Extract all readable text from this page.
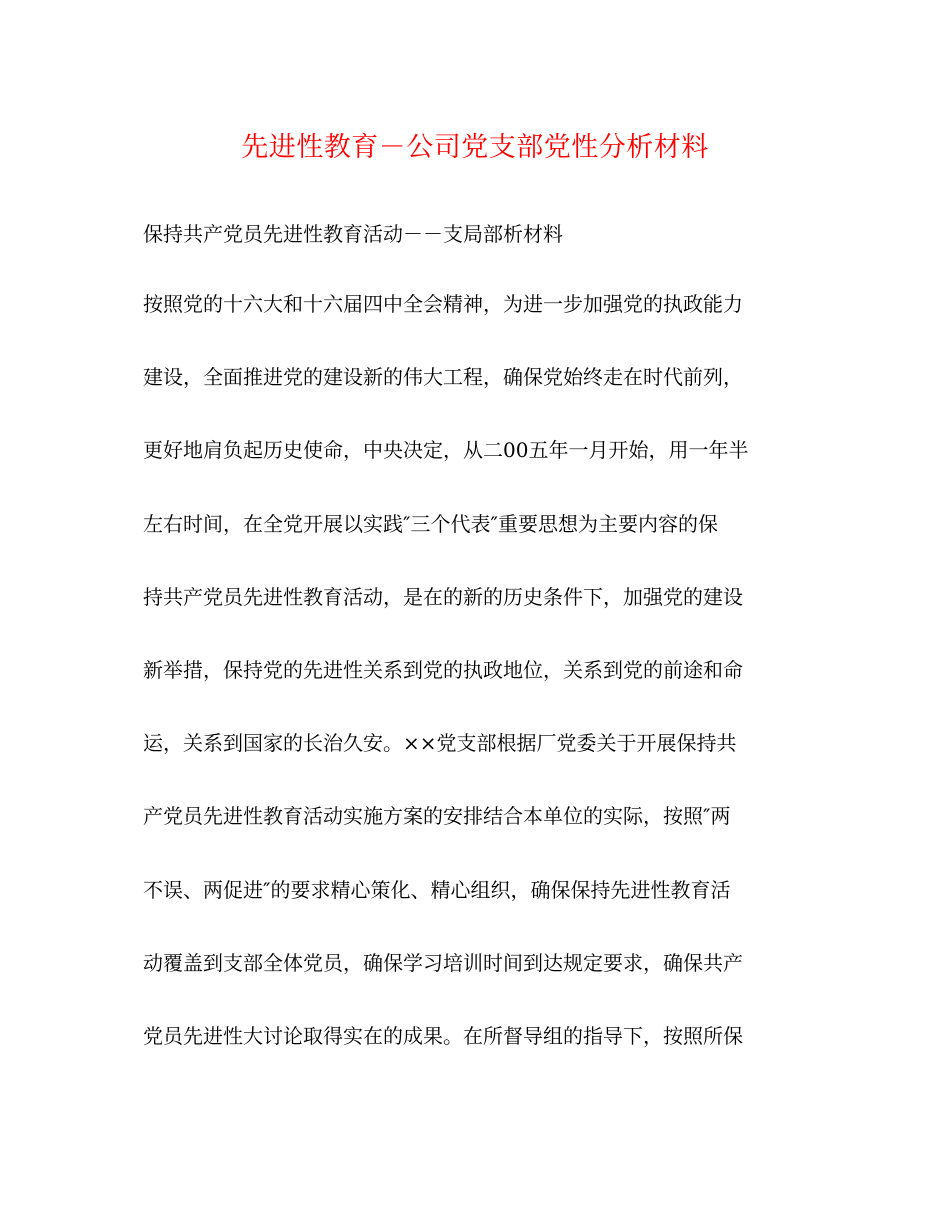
先进性教育－公司党支部党性分析材料
保持共产党员先进性教育活动－－支局部析材料
按照党的十六大和十六届四中全会精神，为进一步加强党的执政能力
建设，全面推进党的建设新的伟大工程，确保党始终走在时代前列，
更好地肩负起历史使命，中央决定，从二00五年一月开始，用一年半
左右时间，在全党开展以实践″三个代表″重要思想为主要内容的保
持共产党员先进性教育活动，是在的新的历史条件下，加强党的建设
新举措，保持党的先进性关系到党的执政地位，关系到党的前途和命
运，关系到国家的长治久安。××党支部根据厂党委关于开展保持共
产党员先进性教育活动实施方案的安排结合本单位的实际，按照″两
不误、两促进″的要求精心策化、精心组织，确保保持先进性教育活
动覆盖到支部全体党员，确保学习培训时间到达规定要求，确保共产
党员先进性大讨论取得实在的成果。在所督导组的指导下，按照所保
